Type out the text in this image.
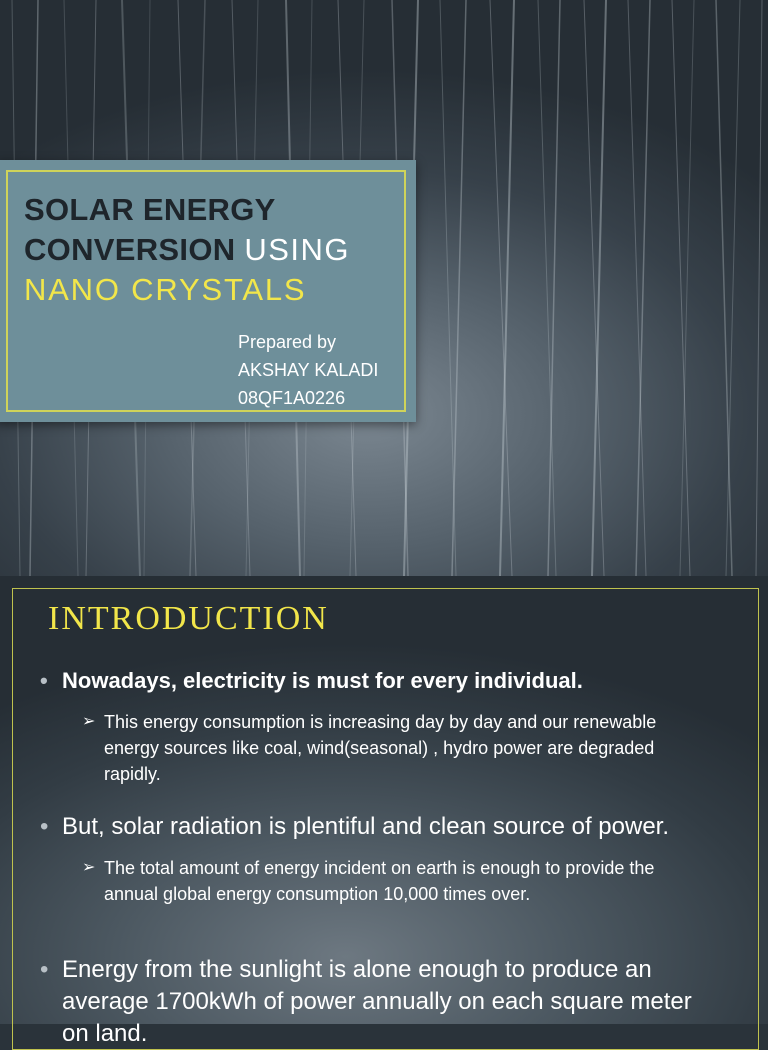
SOLAR ENERGY
CONVERSION USING
NANO CRYSTALS
Prepared by
AKSHAY KALADI
08QF1A0226
INTRODUCTION
• Nowadays, electricity is must for every individual.
➢ This energy consumption is increasing day by day and our renewable energy sources like coal, wind(seasonal) , hydro power are degraded rapidly.
• But, solar radiation is plentiful and clean source of power.
➢ The total amount of energy incident on earth is enough to provide the annual global energy consumption 10,000 times over.
• Energy from the sunlight is alone enough to produce an average 1700kWh of power annually on each square meter on land.
